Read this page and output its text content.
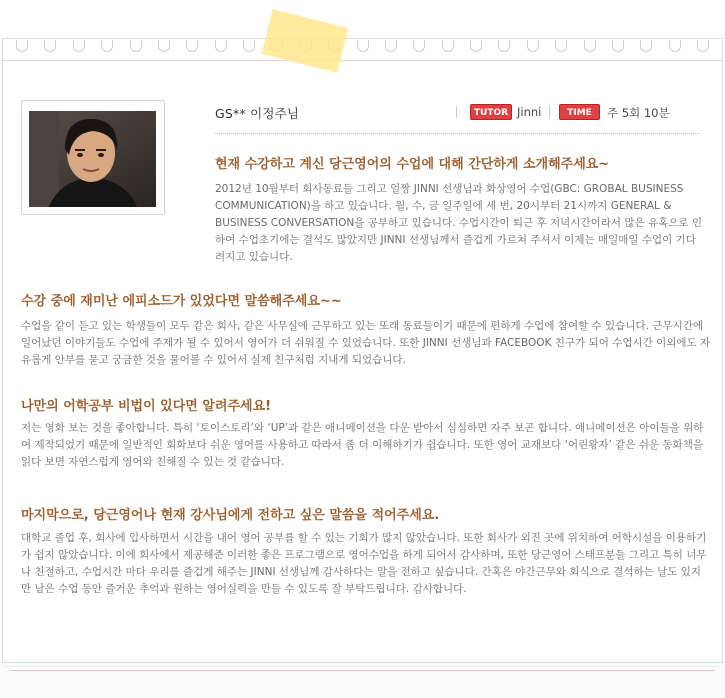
GS** 이정주님	TUTOR Jinni	TIME	주 5회 10분
현재 수강하고 계신 당근영어의 수업에 대해 간단하게 소개해주세요~
2012년 10월부터 회사동료들 그리고 얼짱 JINNI 선생님과 화상영어 수업(GBC: GROBAL BUSINESS COMMUNICATION)을 하고 있습니다. 월, 수, 금 일주일에 세 번, 20시부터 21시까지 GENERAL & BUSINESS CONVERSATION을 공부하고 있습니다. 수업시간이 퇴근 후 저녁시간이라서 많은 유혹으로 인하여 수업초기에는 결석도 많았지만 JINNI 선생님께서 즐겁게 가르쳐 주셔서 이제는 매일매일 수업이 기다려지고 있습니다.
수강 중에 재미난 에피소드가 있었다면 말씀해주세요~~
수업을 같이 듣고 있는 학생들이 모두 같은 회사, 같은 사무실에 근무하고 있는 또래 동료들이기 때문에 편하게 수업에 참여할 수 있습니다. 근무시간에 일어났던 이야기들도 수업에 주제가 될 수 있어서 영어가 더 쉬워질 수 있었습니다. 또한 JINNI 선생님과 FACEBOOK 친구가 되어 수업시간 이외에도 자유롭게 안부를 묻고 궁금한 것을 물어볼 수 있어서 실제 친구처럼 지내게 되었습니다.
나만의 어학공부 비법이 있다면 알려주세요!
저는 영화 보는 것을 좋아합니다. 특히 ‘토이스토리’와 ‘UP’과 같은 애니메이션을 다운 받아서 심심하면 자주 보곤 합니다. 애니메이션은 아이들을 위하여 제작되었기 때문에 일반적인 회화보다 쉬운 영어를 사용하고 따라서 좀 더 이해하기가 쉽습니다. 또한 영어 교재보다 ‘어린왕자’ 같은 쉬운 동화책을 읽다 보면 자연스럽게 영어와 친해질 수 있는 것 같습니다.
마지막으로, 당근영어나 현재 강사님에게 전하고 싶은 말씀을 적어주세요.
대학교 졸업 후, 회사에 입사하면서 시간을 내어 영어 공부를 할 수 있는 기회가 많지 않았습니다. 또한 회사가 외진 곳에 위치하여 어학시설을 이용하기가 쉽지 않았습니다. 이에 회사에서 제공해준 이러한 좋은 프로그램으로 영어수업을 하게 되어서 감사하며, 또한 당근영어 스태프분들 그리고 특히 너무나 친절하고, 수업시간 마다 우리를 즐겁게 해주는 JINNI 선생님께 감사하다는 말을 전하고 싶습니다. 간혹은 야간근무와 회식으로 결석하는 날도 있지만 남은 수업 동안 즐거운 추억과 원하는 영어실력을 만들 수 있도록 잘 부탁드립니다. 감사합니다.
